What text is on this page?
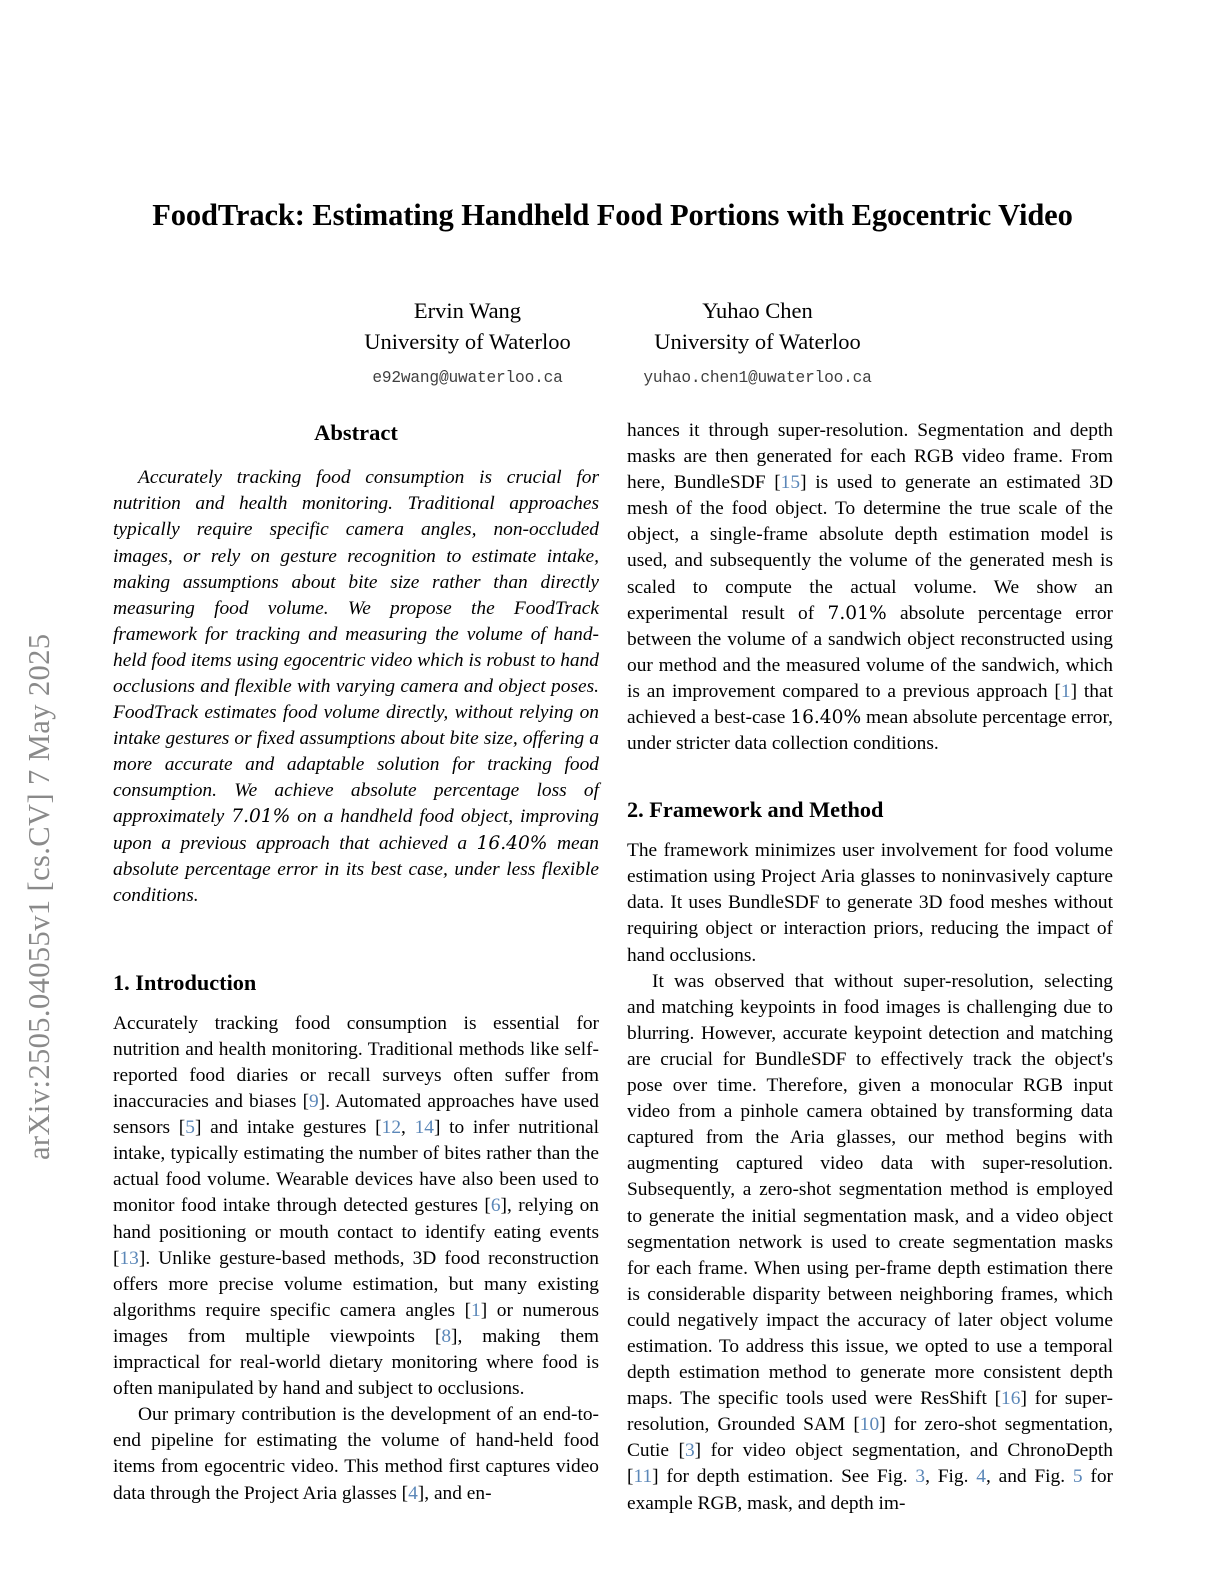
arXiv:2505.04055v1 [cs.CV] 7 May 2025
FoodTrack: Estimating Handheld Food Portions with Egocentric Video
Ervin Wang
University of Waterloo
e92wang@uwaterloo.ca
Yuhao Chen
University of Waterloo
yuhao.chen1@uwaterloo.ca
Abstract

Accurately tracking food consumption is crucial for nutrition and health monitoring. Traditional approaches typically require specific camera angles, non-occluded images, or rely on gesture recognition to estimate intake, making assumptions about bite size rather than directly measuring food volume. We propose the FoodTrack framework for tracking and measuring the volume of hand-held food items using egocentric video which is robust to hand occlusions and flexible with varying camera and object poses. FoodTrack estimates food volume directly, without relying on intake gestures or fixed assumptions about bite size, offering a more accurate and adaptable solution for tracking food consumption. We achieve absolute percentage loss of approximately 7.01% on a handheld food object, improving upon a previous approach that achieved a 16.40% mean absolute percentage error in its best case, under less flexible conditions.

1. Introduction

Accurately tracking food consumption is essential for nutrition and health monitoring. Traditional methods like self-reported food diaries or recall surveys often suffer from inaccuracies and biases [9]. Automated approaches have used sensors [5] and intake gestures [12, 14] to infer nutritional intake, typically estimating the number of bites rather than the actual food volume. Wearable devices have also been used to monitor food intake through detected gestures [6], relying on hand positioning or mouth contact to identify eating events [13]. Unlike gesture-based methods, 3D food reconstruction offers more precise volume estimation, but many existing algorithms require specific camera angles [1] or numerous images from multiple viewpoints [8], making them impractical for real-world dietary monitoring where food is often manipulated by hand and subject to occlusions.

Our primary contribution is the development of an end-to-end pipeline for estimating the volume of hand-held food items from egocentric video. This method first captures video data through the Project Aria glasses [4], and en-

hances it through super-resolution. Segmentation and depth masks are then generated for each RGB video frame. From here, BundleSDF [15] is used to generate an estimated 3D mesh of the food object. To determine the true scale of the object, a single-frame absolute depth estimation model is used, and subsequently the volume of the generated mesh is scaled to compute the actual volume. We show an experimental result of 7.01% absolute percentage error between the volume of a sandwich object reconstructed using our method and the measured volume of the sandwich, which is an improvement compared to a previous approach [1] that achieved a best-case 16.40% mean absolute percentage error, under stricter data collection conditions.

2. Framework and Method

The framework minimizes user involvement for food volume estimation using Project Aria glasses to noninvasively capture data. It uses BundleSDF to generate 3D food meshes without requiring object or interaction priors, reducing the impact of hand occlusions.

It was observed that without super-resolution, selecting and matching keypoints in food images is challenging due to blurring. However, accurate keypoint detection and matching are crucial for BundleSDF to effectively track the object's pose over time. Therefore, given a monocular RGB input video from a pinhole camera obtained by transforming data captured from the Aria glasses, our method begins with augmenting captured video data with super-resolution. Subsequently, a zero-shot segmentation method is employed to generate the initial segmentation mask, and a video object segmentation network is used to create segmentation masks for each frame. When using per-frame depth estimation there is considerable disparity between neighboring frames, which could negatively impact the accuracy of later object volume estimation. To address this issue, we opted to use a temporal depth estimation method to generate more consistent depth maps. The specific tools used were ResShift [16] for super-resolution, Grounded SAM [10] for zero-shot segmentation, Cutie [3] for video object segmentation, and ChronoDepth [11] for depth estimation. See Fig. 3, Fig. 4, and Fig. 5 for example RGB, mask, and depth im-
